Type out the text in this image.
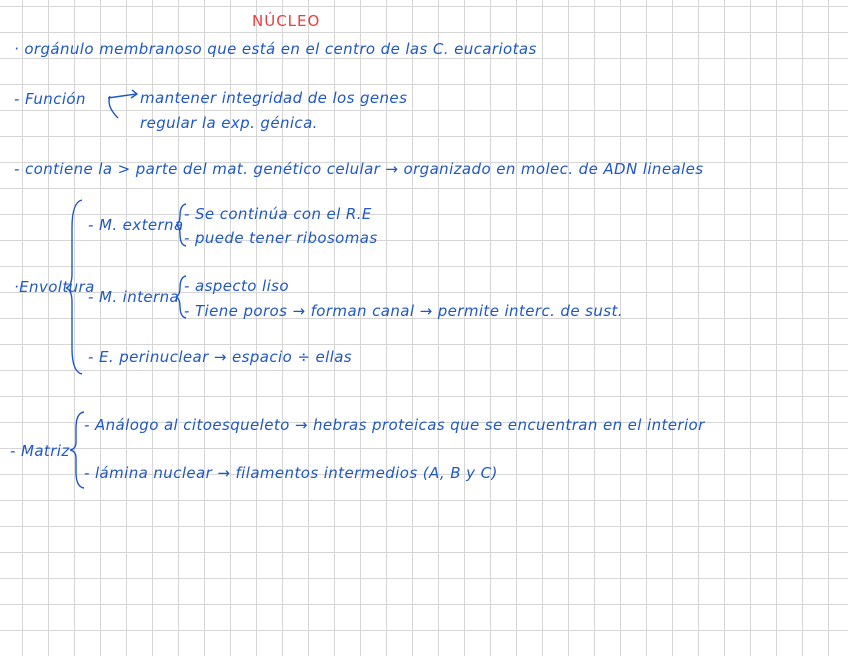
NÚCLEO
· orgánulo membranoso que está en el centro de las C. eucariotas
- Función	mantener integridad de los genes
regular la exp. génica.
- contiene la > parte del mat. genético celular → organizado en molec. de ADN lineales
·Envoltura
- M. externa
- Se continúa con el R.E
- puede tener ribosomas
- M. interna
- aspecto liso
- Tiene poros → forman canal → permite interc. de sust.
- E. perinuclear → espacio ÷ ellas
- Matriz
- Análogo al citoesqueleto → hebras proteicas que se encuentran en el interior
- lámina nuclear → filamentos intermedios (A, B y C)
